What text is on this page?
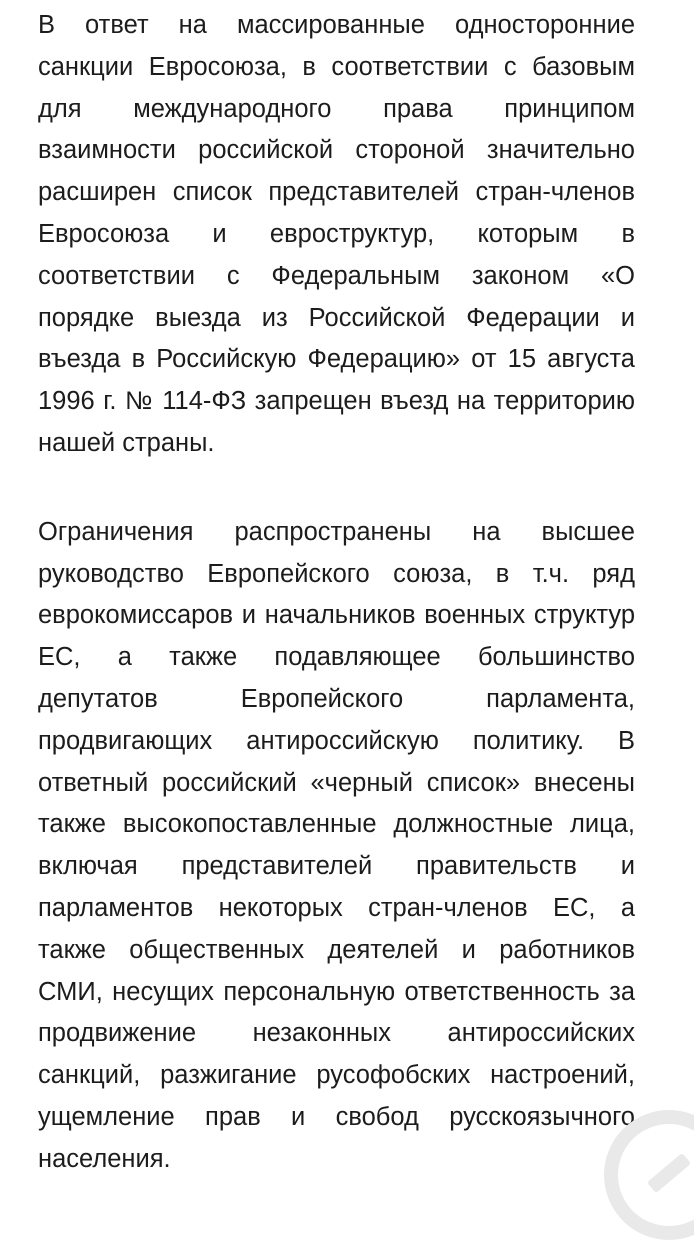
В ответ на массированные односторонние санкции Евросоюза, в соответствии с базовым для международного права принципом взаимности российской стороной значительно расширен список представителей стран-членов Евросоюза и евроструктур, которым в соответствии с Федеральным законом «О порядке выезда из Российской Федерации и въезда в Российскую Федерацию» от 15 августа 1996 г. № 114-ФЗ запрещен въезд на территорию нашей страны.

Ограничения распространены на высшее руководство Европейского союза, в т.ч. ряд еврокомиссаров и начальников военных структур ЕС, а также подавляющее большинство депутатов Европейского парламента, продвигающих антироссийскую политику. В ответный российский «черный список» внесены также высокопоставленные должностные лица, включая представителей правительств и парламентов некоторых стран-членов ЕС, а также общественных деятелей и работников СМИ, несущих персональную ответственность за продвижение незаконных антироссийских санкций, разжигание русофобских настроений, ущемление прав и свобод русскоязычного населения.
